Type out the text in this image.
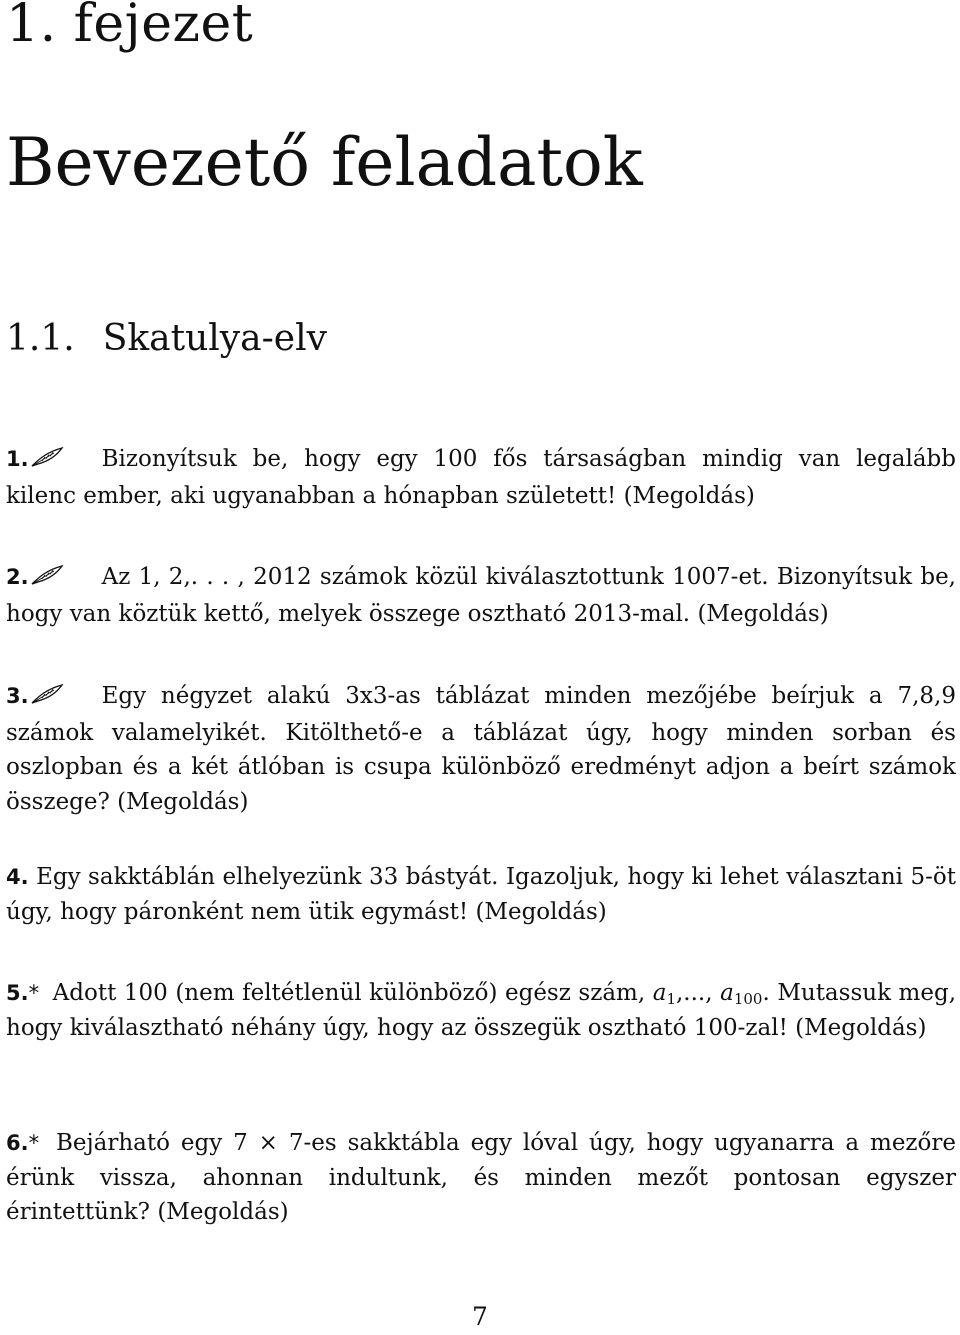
1. fejezet
Bevezető feladatok
1.1. Skatulya-elv

1.	Bizonyítsuk be, hogy egy 100 fős társaságban mindig van legalább kilenc ember, aki ugyanabban a hónapban született! (Megoldás)

2.	Az 1, 2,. . . , 2012 számok közül kiválasztottunk 1007-et. Bizonyítsuk be, hogy van köztük kettő, melyek összege osztható 2013-mal. (Megoldás)

3.	Egy négyzet alakú 3x3-as táblázat minden mezőjébe beírjuk a 7,8,9 számok valamelyikét. Kitölthető-e a táblázat úgy, hogy minden sorban és oszlopban és a két átlóban is csupa különböző eredményt adjon a beírt számok összege? (Megoldás)

4. Egy sakktáblán elhelyezünk 33 bástyát. Igazoljuk, hogy ki lehet választani 5-öt úgy, hogy páronként nem ütik egymást! (Megoldás)

5.* Adott 100 (nem feltétlenül különböző) egész szám, $a_1$,..., $a_{100}$. Mutassuk meg, hogy kiválasztható néhány úgy, hogy az összegük osztható 100-zal! (Megoldás)

6.* Bejárható egy 7 × 7-es sakktábla egy lóval úgy, hogy ugyanarra a mezőre érünk vissza, ahonnan indultunk, és minden mezőt pontosan egyszer érintettünk? (Megoldás)

7
